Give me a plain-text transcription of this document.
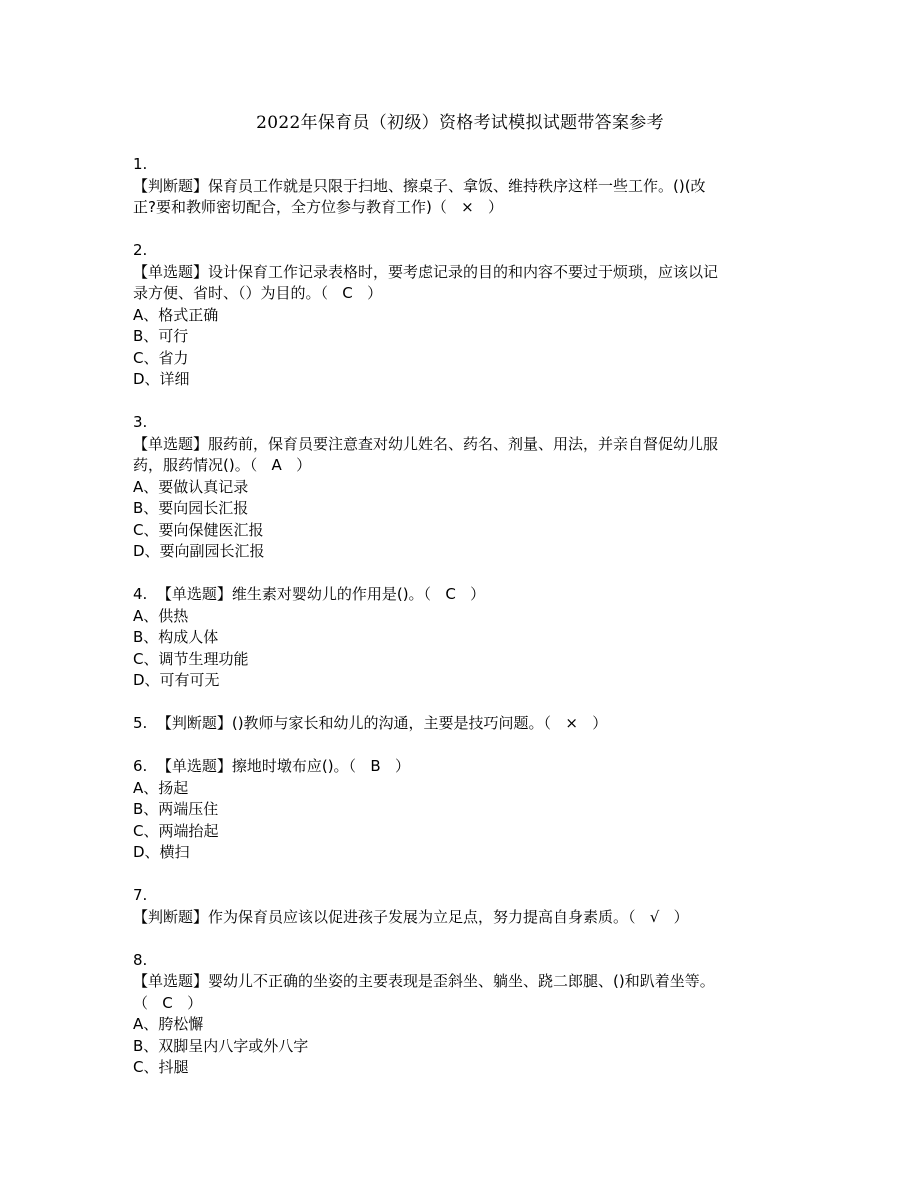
2022年保育员（初级）资格考试模拟试题带答案参考

1.

【判断题】保育员工作就是只限于扫地、擦桌子、拿饭、维持秩序这样一些工作。()(改

正?要和教师密切配合，全方位参与教育工作)（   ×   ）

2.

【单选题】设计保育工作记录表格时，要考虑记录的目的和内容不要过于烦琐，应该以记

录方便、省时、（）为目的。（   C   ）

A、格式正确

B、可行

C、省力

D、详细

3.

【单选题】服药前，保育员要注意查对幼儿姓名、药名、剂量、用法，并亲自督促幼儿服

药，服药情况()。（   A   ）

A、要做认真记录

B、要向园长汇报

C、要向保健医汇报

D、要向副园长汇报

4.  【单选题】维生素对婴幼儿的作用是()。（   C   ）

A、供热

B、构成人体

C、调节生理功能

D、可有可无

5.  【判断题】()教师与家长和幼儿的沟通，主要是技巧问题。（   ×   ）

6.  【单选题】擦地时墩布应()。（   B   ）

A、扬起

B、两端压住

C、两端抬起

D、横扫

7.

【判断题】作为保育员应该以促进孩子发展为立足点，努力提高自身素质。（   √   ）

8.

【单选题】婴幼儿不正确的坐姿的主要表现是歪斜坐、躺坐、跷二郎腿、()和趴着坐等。

（   C   ）

A、胯松懈

B、双脚呈内八字或外八字

C、抖腿
